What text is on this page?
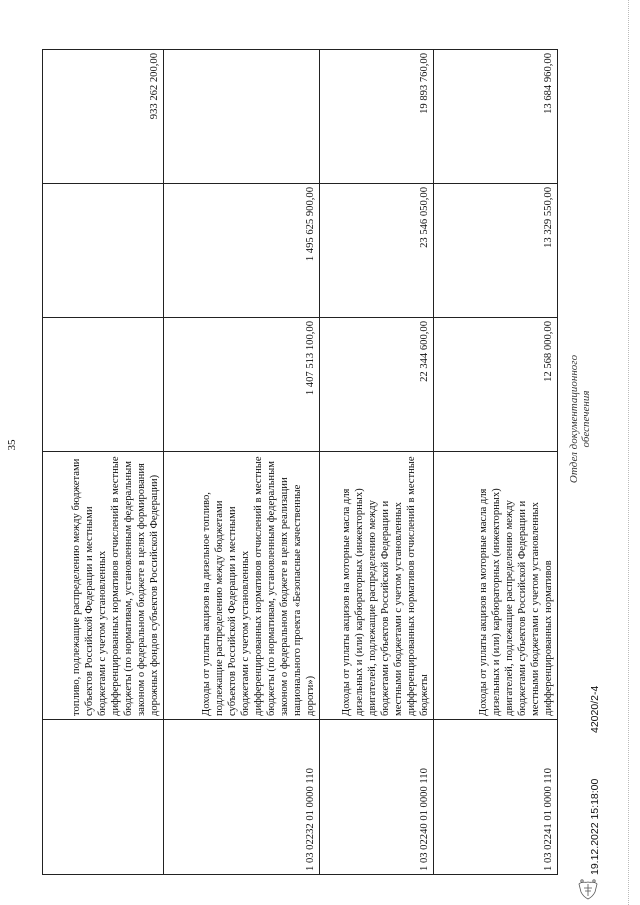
35
	топливо, подлежащие распределению между бюджетами субъектов Российской Федерации и местными бюджетами с учетом установленных дифференцированных нормативов отчислений в местные бюджеты (по нормативам, установленным федеральным законом о федеральном бюджете в целях формирования дорожных фондов субъектов Российской Федерации)			933 262 200,00
1 03 02232 01 0000 110	Доходы от уплаты акцизов на дизельное топливо, подлежащие распределению между бюджетами субъектов Российской Федерации и местными бюджетами с учетом установленных дифференцированных нормативов отчислений в местные бюджеты (по нормативам, установленным федеральным законом о федеральном бюджете в целях реализации национального проекта «Безопасные качественные дороги»)	1 407 513 100,00	1 495 625 900,00	
1 03 02240 01 0000 110	Доходы от уплаты акцизов на моторные масла для дизельных и (или) карбюраторных (инжекторных) двигателей, подлежащие распределению между бюджетами субъектов Российской Федерации и местными бюджетами с учетом установленных дифференцированных нормативов отчислений в местные бюджеты	22 344 600,00	23 546 050,00	19 893 760,00
1 03 02241 01 0000 110	Доходы от уплаты акцизов на моторные масла для дизельных и (или) карбюраторных (инжекторных) двигателей, подлежащие распределению между бюджетами субъектов Российской Федерации и местными бюджетами с учетом установленных дифференцированных нормативов	12 568 000,00	13 329 550,00	13 684 960,00
19.12.2022 15:18:00
42020/2-4
Отдел документационного обеспечения
